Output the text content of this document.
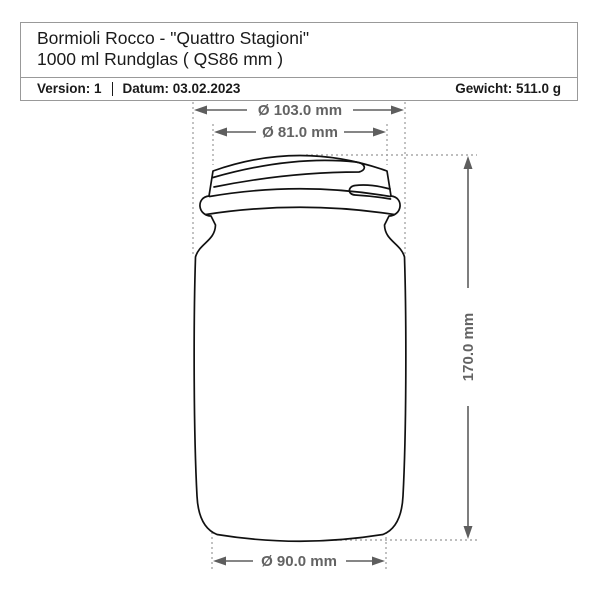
Bormioli Rocco - "Quattro Stagioni"
1000 ml Rundglas ( QS86 mm )
Version: 1 Datum: 03.02.2023	Gewicht: 511.0 g
Ø 103.0 mm
Ø 81.0 mm
170.0 mm
Ø 90.0 mm
